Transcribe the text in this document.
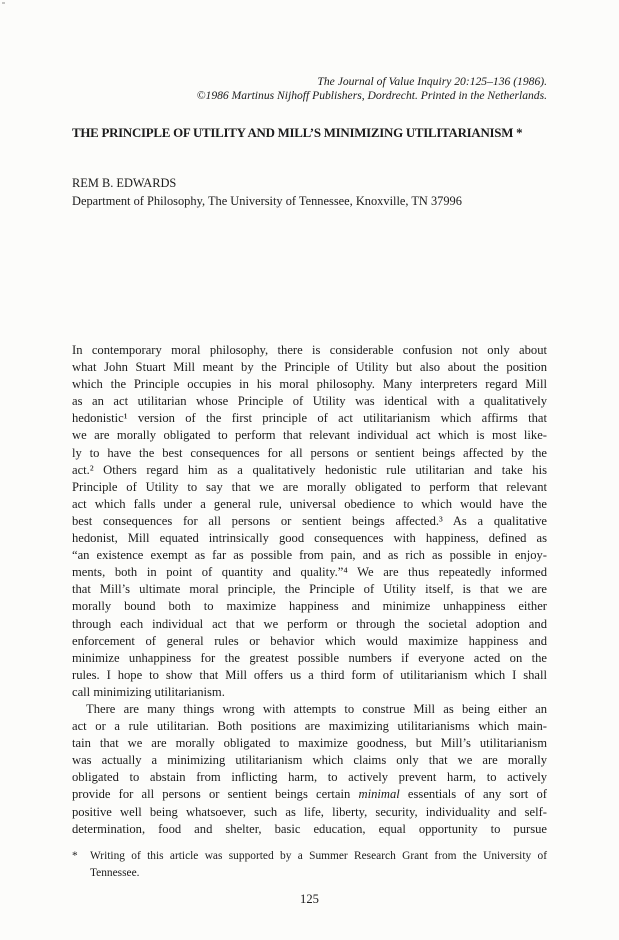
The Journal of Value Inquiry 20:125–136 (1986).
©1986 Martinus Nijhoff Publishers, Dordrecht. Printed in the Netherlands.
THE PRINCIPLE OF UTILITY AND MILL’S MINIMIZING UTILITARIANISM *
REM B. EDWARDS
Department of Philosophy, The University of Tennessee, Knoxville, TN 37996
In contemporary moral philosophy, there is considerable confusion not only about
what John Stuart Mill meant by the Principle of Utility but also about the position
which the Principle occupies in his moral philosophy. Many interpreters regard Mill
as an act utilitarian whose Principle of Utility was identical with a qualitatively
hedonistic¹ version of the first principle of act utilitarianism which affirms that
we are morally obligated to perform that relevant individual act which is most like-
ly to have the best consequences for all persons or sentient beings affected by the
act.² Others regard him as a qualitatively hedonistic rule utilitarian and take his
Principle of Utility to say that we are morally obligated to perform that relevant
act which falls under a general rule, universal obedience to which would have the
best consequences for all persons or sentient beings affected.³ As a qualitative
hedonist, Mill equated intrinsically good consequences with happiness, defined as
“an existence exempt as far as possible from pain, and as rich as possible in enjoy-
ments, both in point of quantity and quality.”⁴ We are thus repeatedly informed
that Mill’s ultimate moral principle, the Principle of Utility itself, is that we are
morally bound both to maximize happiness and minimize unhappiness either
through each individual act that we perform or through the societal adoption and
enforcement of general rules or behavior which would maximize happiness and
minimize unhappiness for the greatest possible numbers if everyone acted on the
rules. I hope to show that Mill offers us a third form of utilitarianism which I shall
call minimizing utilitarianism.
There are many things wrong with attempts to construe Mill as being either an
act or a rule utilitarian. Both positions are maximizing utilitarianisms which main-
tain that we are morally obligated to maximize goodness, but Mill’s utilitarianism
was actually a minimizing utilitarianism which claims only that we are morally
obligated to abstain from inflicting harm, to actively prevent harm, to actively
provide for all persons or sentient beings certain minimal essentials of any sort of
positive well being whatsoever, such as life, liberty, security, individuality and self-
determination, food and shelter, basic education, equal opportunity to pursue
*	Writing of this article was supported by a Summer Research Grant from the University of
Tennessee.
125
